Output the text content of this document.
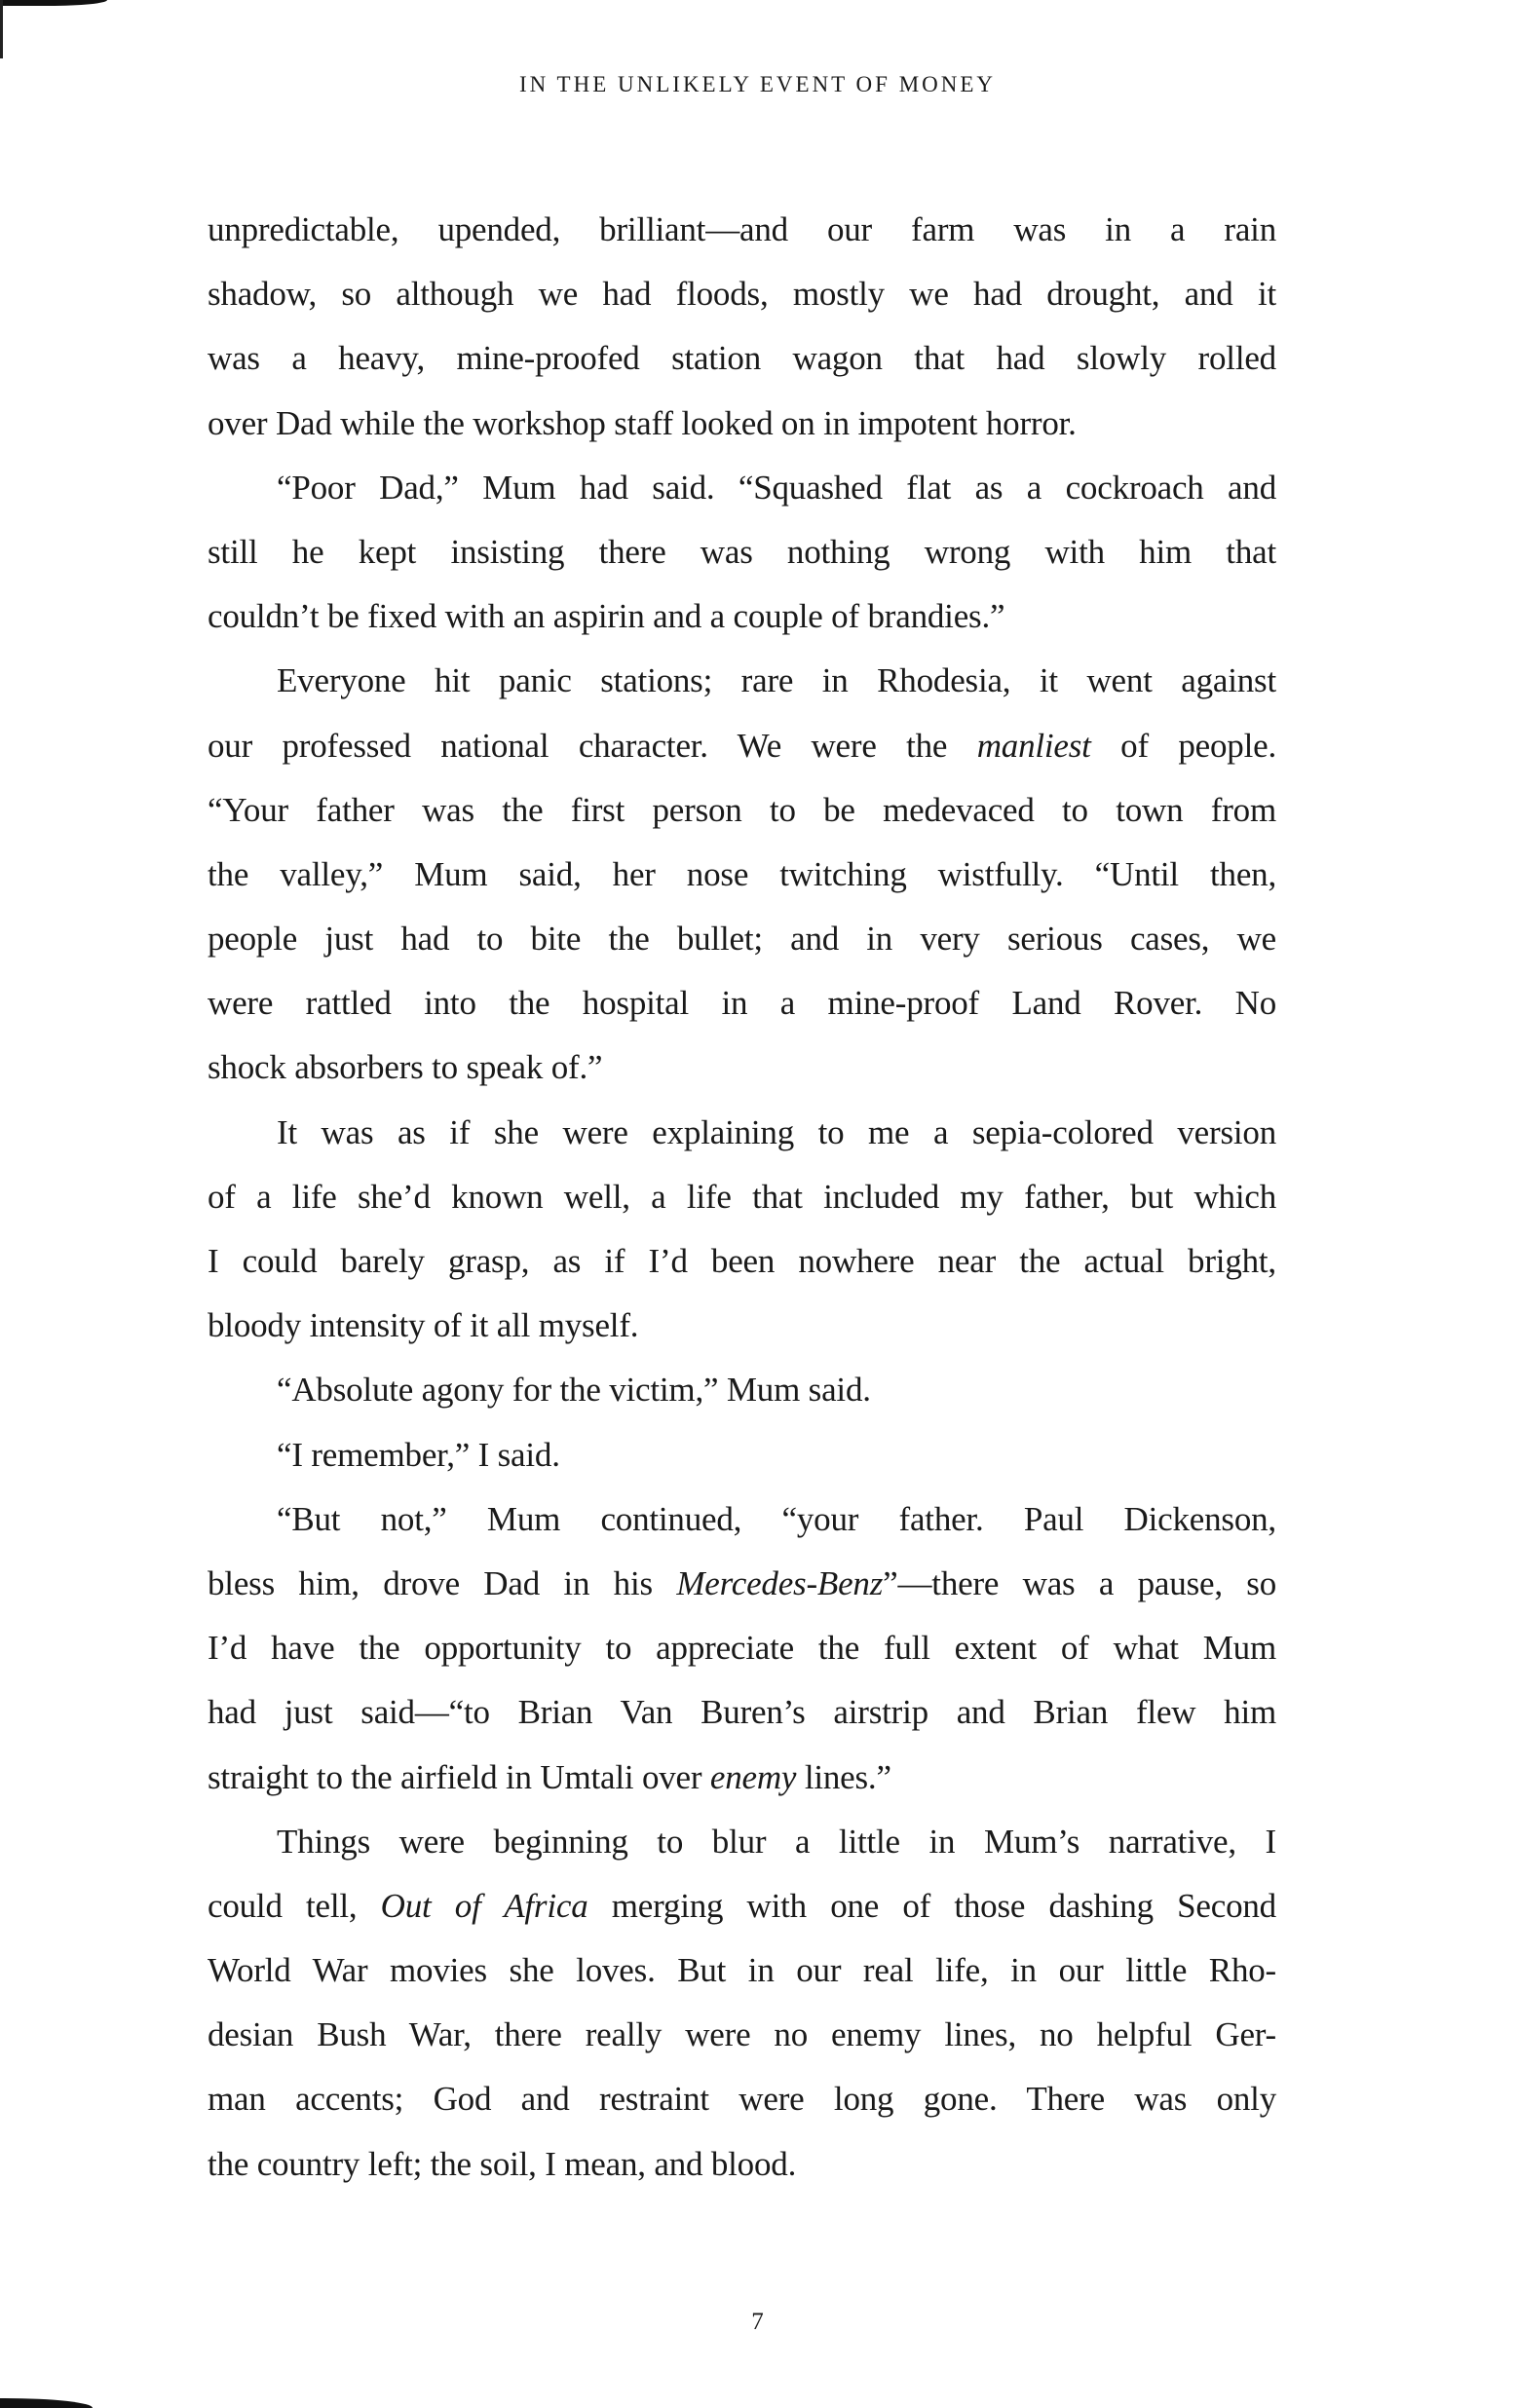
IN THE UNLIKELY EVENT OF MONEY
unpredictable, upended, brilliant—and our farm was in a rain
shadow, so although we had floods, mostly we had drought, and it
was a heavy, mine-proofed station wagon that had slowly rolled
over Dad while the workshop staff looked on in impotent horror.
“Poor Dad,” Mum had said. “Squashed flat as a cockroach and
still he kept insisting there was nothing wrong with him that
couldn’t be fixed with an aspirin and a couple of brandies.”
Everyone hit panic stations; rare in Rhodesia, it went against
our professed national character. We were the manliest of people.
“Your father was the first person to be medevaced to town from
the valley,” Mum said, her nose twitching wistfully. “Until then,
people just had to bite the bullet; and in very serious cases, we
were rattled into the hospital in a mine-proof Land Rover. No
shock absorbers to speak of.”
It was as if she were explaining to me a sepia-colored version
of a life she’d known well, a life that included my father, but which
I could barely grasp, as if I’d been nowhere near the actual bright,
bloody intensity of it all myself.
“Absolute agony for the victim,” Mum said.
“I remember,” I said.
“But not,” Mum continued, “your father. Paul Dickenson,
bless him, drove Dad in his Mercedes-Benz”—there was a pause, so
I’d have the opportunity to appreciate the full extent of what Mum
had just said—“to Brian Van Buren’s airstrip and Brian flew him
straight to the airfield in Umtali over enemy lines.”
Things were beginning to blur a little in Mum’s narrative, I
could tell, Out of Africa merging with one of those dashing Second
World War movies she loves. But in our real life, in our little Rho-
desian Bush War, there really were no enemy lines, no helpful Ger-
man accents; God and restraint were long gone. There was only
the country left; the soil, I mean, and blood.
7
